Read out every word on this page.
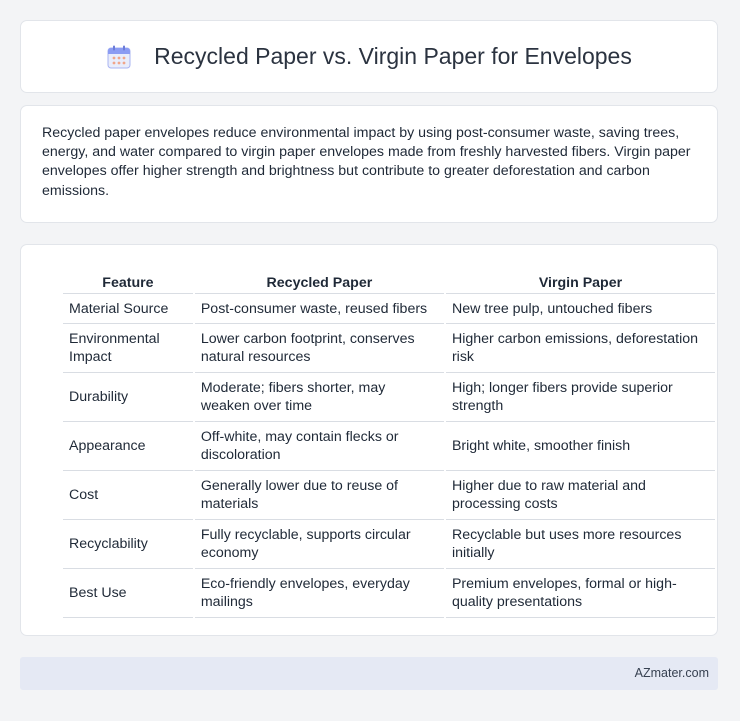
Recycled Paper vs. Virgin Paper for Envelopes

Recycled paper envelopes reduce environmental impact by using post-consumer waste, saving trees, energy, and water compared to virgin paper envelopes made from freshly harvested fibers. Virgin paper envelopes offer higher strength and brightness but contribute to greater deforestation and carbon emissions.

Feature	Recycled Paper	Virgin Paper
Material Source	Post-consumer waste, reused fibers	New tree pulp, untouched fibers
Environmental Impact	Lower carbon footprint, conserves natural resources	Higher carbon emissions, deforestation risk
Durability	Moderate; fibers shorter, may weaken over time	High; longer fibers provide superior strength
Appearance	Off-white, may contain flecks or discoloration	Bright white, smoother finish
Cost	Generally lower due to reuse of materials	Higher due to raw material and processing costs
Recyclability	Fully recyclable, supports circular economy	Recyclable but uses more resources initially
Best Use	Eco-friendly envelopes, everyday mailings	Premium envelopes, formal or high-quality presentations
AZmater.com
